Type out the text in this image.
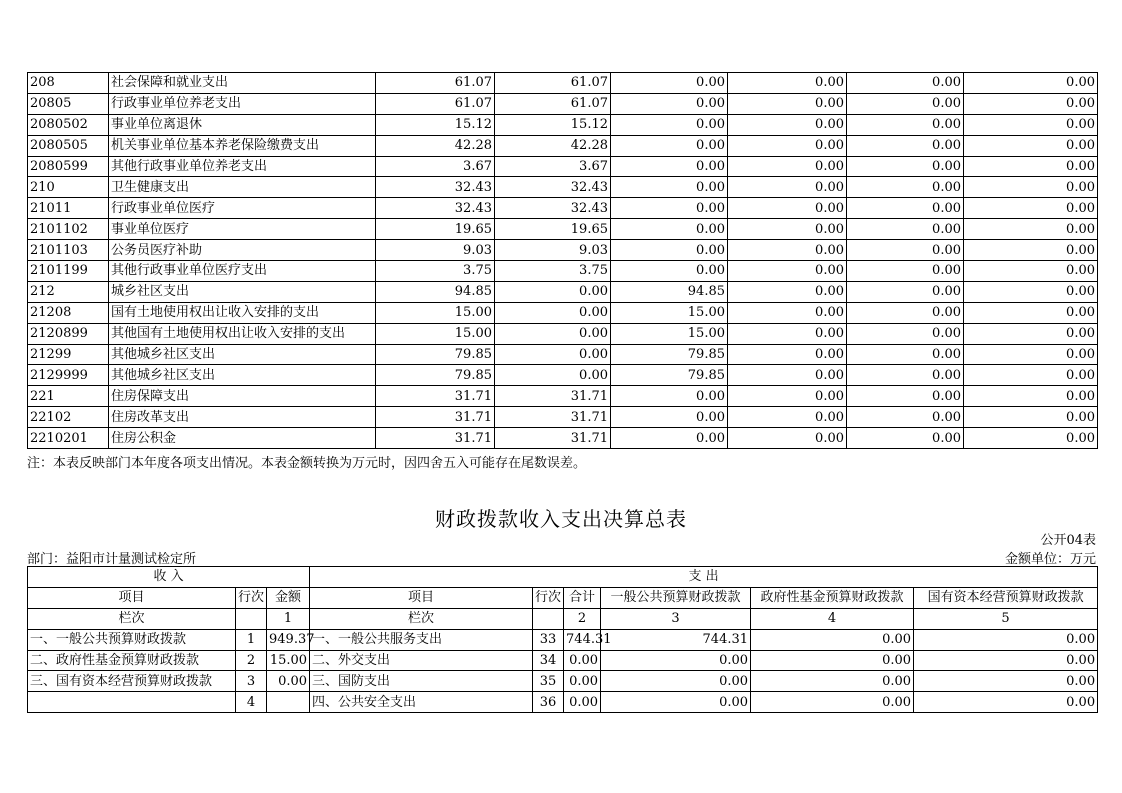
208	社会保障和就业支出	61.07	61.07	0.00	0.00	0.00	0.00
20805	行政事业单位养老支出	61.07	61.07	0.00	0.00	0.00	0.00
2080502	事业单位离退休	15.12	15.12	0.00	0.00	0.00	0.00
2080505	机关事业单位基本养老保险缴费支出	42.28	42.28	0.00	0.00	0.00	0.00
2080599	其他行政事业单位养老支出	3.67	3.67	0.00	0.00	0.00	0.00
210	卫生健康支出	32.43	32.43	0.00	0.00	0.00	0.00
21011	行政事业单位医疗	32.43	32.43	0.00	0.00	0.00	0.00
2101102	事业单位医疗	19.65	19.65	0.00	0.00	0.00	0.00
2101103	公务员医疗补助	9.03	9.03	0.00	0.00	0.00	0.00
2101199	其他行政事业单位医疗支出	3.75	3.75	0.00	0.00	0.00	0.00
212	城乡社区支出	94.85	0.00	94.85	0.00	0.00	0.00
21208	国有土地使用权出让收入安排的支出	15.00	0.00	15.00	0.00	0.00	0.00
2120899	其他国有土地使用权出让收入安排的支出	15.00	0.00	15.00	0.00	0.00	0.00
21299	其他城乡社区支出	79.85	0.00	79.85	0.00	0.00	0.00
2129999	其他城乡社区支出	79.85	0.00	79.85	0.00	0.00	0.00
221	住房保障支出	31.71	31.71	0.00	0.00	0.00	0.00
22102	住房改革支出	31.71	31.71	0.00	0.00	0.00	0.00
2210201	住房公积金	31.71	31.71	0.00	0.00	0.00	0.00
注：本表反映部门本年度各项支出情况。本表金额转换为万元时，因四舍五入可能存在尾数误差。
财政拨款收入支出决算总表
公开04表
部门：益阳市计量测试检定所	金额单位：万元
收 入			支 出					
项目	行次	金额	项目	行次	合计	一般公共预算财政拨款	政府性基金预算财政拨款	国有资本经营预算财政拨款
栏次		1	栏次		2	3	4	5
一、一般公共预算财政拨款	1	949.37	一、一般公共服务支出	33	744.31	744.31	0.00	0.00
二、政府性基金预算财政拨款	2	15.00	二、外交支出	34	0.00	0.00	0.00	0.00
三、国有资本经营预算财政拨款	3	0.00	三、国防支出	35	0.00	0.00	0.00	0.00
	4		四、公共安全支出	36	0.00	0.00	0.00	0.00
